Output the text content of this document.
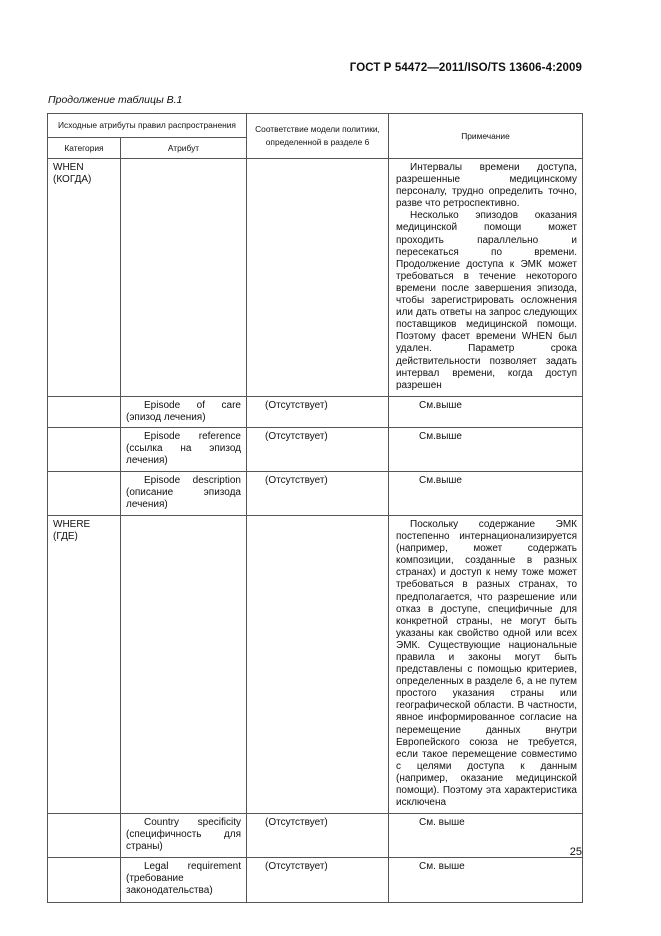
ГОСТ Р 54472—2011/ISO/TS 13606-4:2009
Продолжение таблицы В.1
Исходные атрибуты правил распространения		Соответствие модели политики, определенной в разделе 6	Примечание
Категория	Атрибут		
WHEN (КОГДА)			Интервалы времени доступа, разрешенные медицинскому персоналу, трудно определить точно, разве что ретроспективно.

Несколько эпизодов оказания медицинской помощи может проходить параллельно и пересекаться по времени. Продолжение доступа к ЭМК может требоваться в течение некоторого времени после завершения эпизода, чтобы зарегистрировать осложнения или дать ответы на запрос следующих поставщиков медицинской помощи. Поэтому фасет времени WHEN был удален. Параметр срока действительности позволяет задать интервал времени, когда доступ разрешен

	Episode of care (эпизод лечения)	(Отсутствует)	См.выше

	Episode reference (ссылка на эпизод лечения)	(Отсутствует)	См.выше

	Episode description (описание эпизода лечения)	(Отсутствует)	См.выше
WHERE (ГДЕ)			Поскольку содержание ЭМК постепенно интернационализируется (например, может содержать композиции, созданные в разных странах) и доступ к нему тоже может требоваться в разных странах, то предполагается, что разрешение или отказ в доступе, специфичные для конкретной страны, не могут быть указаны как свойство одной или всех ЭМК. Существующие национальные правила и законы могут быть представлены с помощью критериев, определенных в разделе 6, а не путем простого указания страны или географической области. В частности, явное информированное согласие на перемещение данных внутри Европейского союза не требуется, если такое перемещение совместимо с целями доступа к данным (например, оказание медицинской помощи). Поэтому эта характеристика исключена

	Country specificity (специфичность для страны)	(Отсутствует)	См. выше

	Legal requirement (требование законодательства)	(Отсутствует)	См. выше
25
